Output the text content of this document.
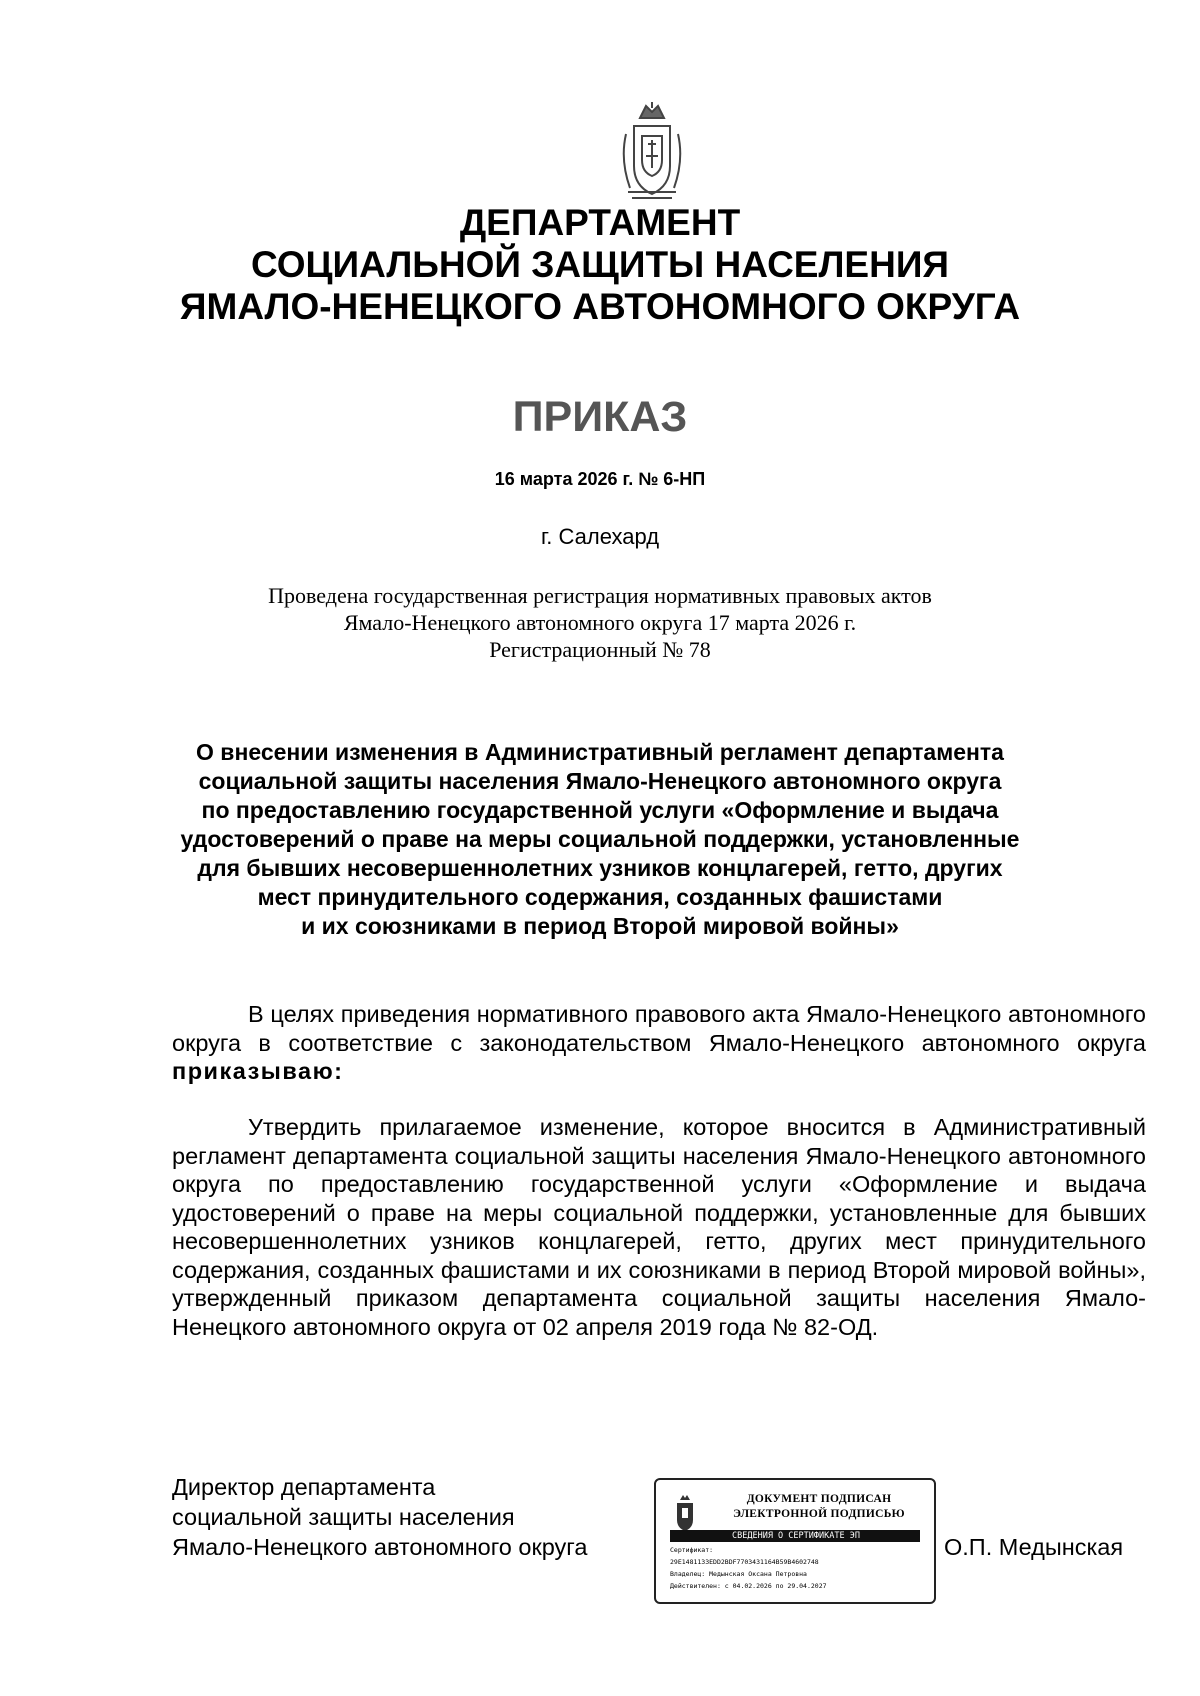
ДЕПАРТАМЕНТ
СОЦИАЛЬНОЙ ЗАЩИТЫ НАСЕЛЕНИЯ
ЯМАЛО-НЕНЕЦКОГО АВТОНОМНОГО ОКРУГА
ПРИКАЗ
16 марта 2026 г. № 6-НП
г. Салехард
Проведена государственная регистрация нормативных правовых актов
Ямало-Ненецкого автономного округа 17 марта 2026 г.
Регистрационный № 78
О внесении изменения в Административный регламент департамента
социальной защиты населения Ямало-Ненецкого автономного округа
по предоставлению государственной услуги «Оформление и выдача
удостоверений о праве на меры социальной поддержки, установленные
для бывших несовершеннолетних узников концлагерей, гетто, других
мест принудительного содержания, созданных фашистами
и их союзниками в период Второй мировой войны»

В целях приведения нормативного правового акта Ямало-Ненецкого автономного округа в соответствие с законодательством Ямало-Ненецкого автономного округа приказываю:

Утвердить прилагаемое изменение, которое вносится в Административный регламент департамента социальной защиты населения Ямало-Ненецкого автономного округа по предоставлению государственной услуги «Оформление и выдача удостоверений о праве на меры социальной поддержки, установленные для бывших несовершеннолетних узников концлагерей, гетто, других мест принудительного содержания, созданных фашистами и их союзниками в период Второй мировой войны», утвержденный приказом департамента социальной защиты населения Ямало-Ненецкого автономного округа от 02 апреля 2019 года № 82-ОД.

Директор департамента
социальной защиты населения
Ямало-Ненецкого автономного округа
ДОКУМЕНТ ПОДПИСАН
ЭЛЕКТРОННОЙ ПОДПИСЬЮ
СВЕДЕНИЯ О СЕРТИФИКАТЕ ЭП
Сертификат:
29E1481133EDD2BDF7703431164B59B4602748
Владелец: Медынская Оксана Петровна
Действителен: с 04.02.2026 по 29.04.2027
О.П. Медынская
